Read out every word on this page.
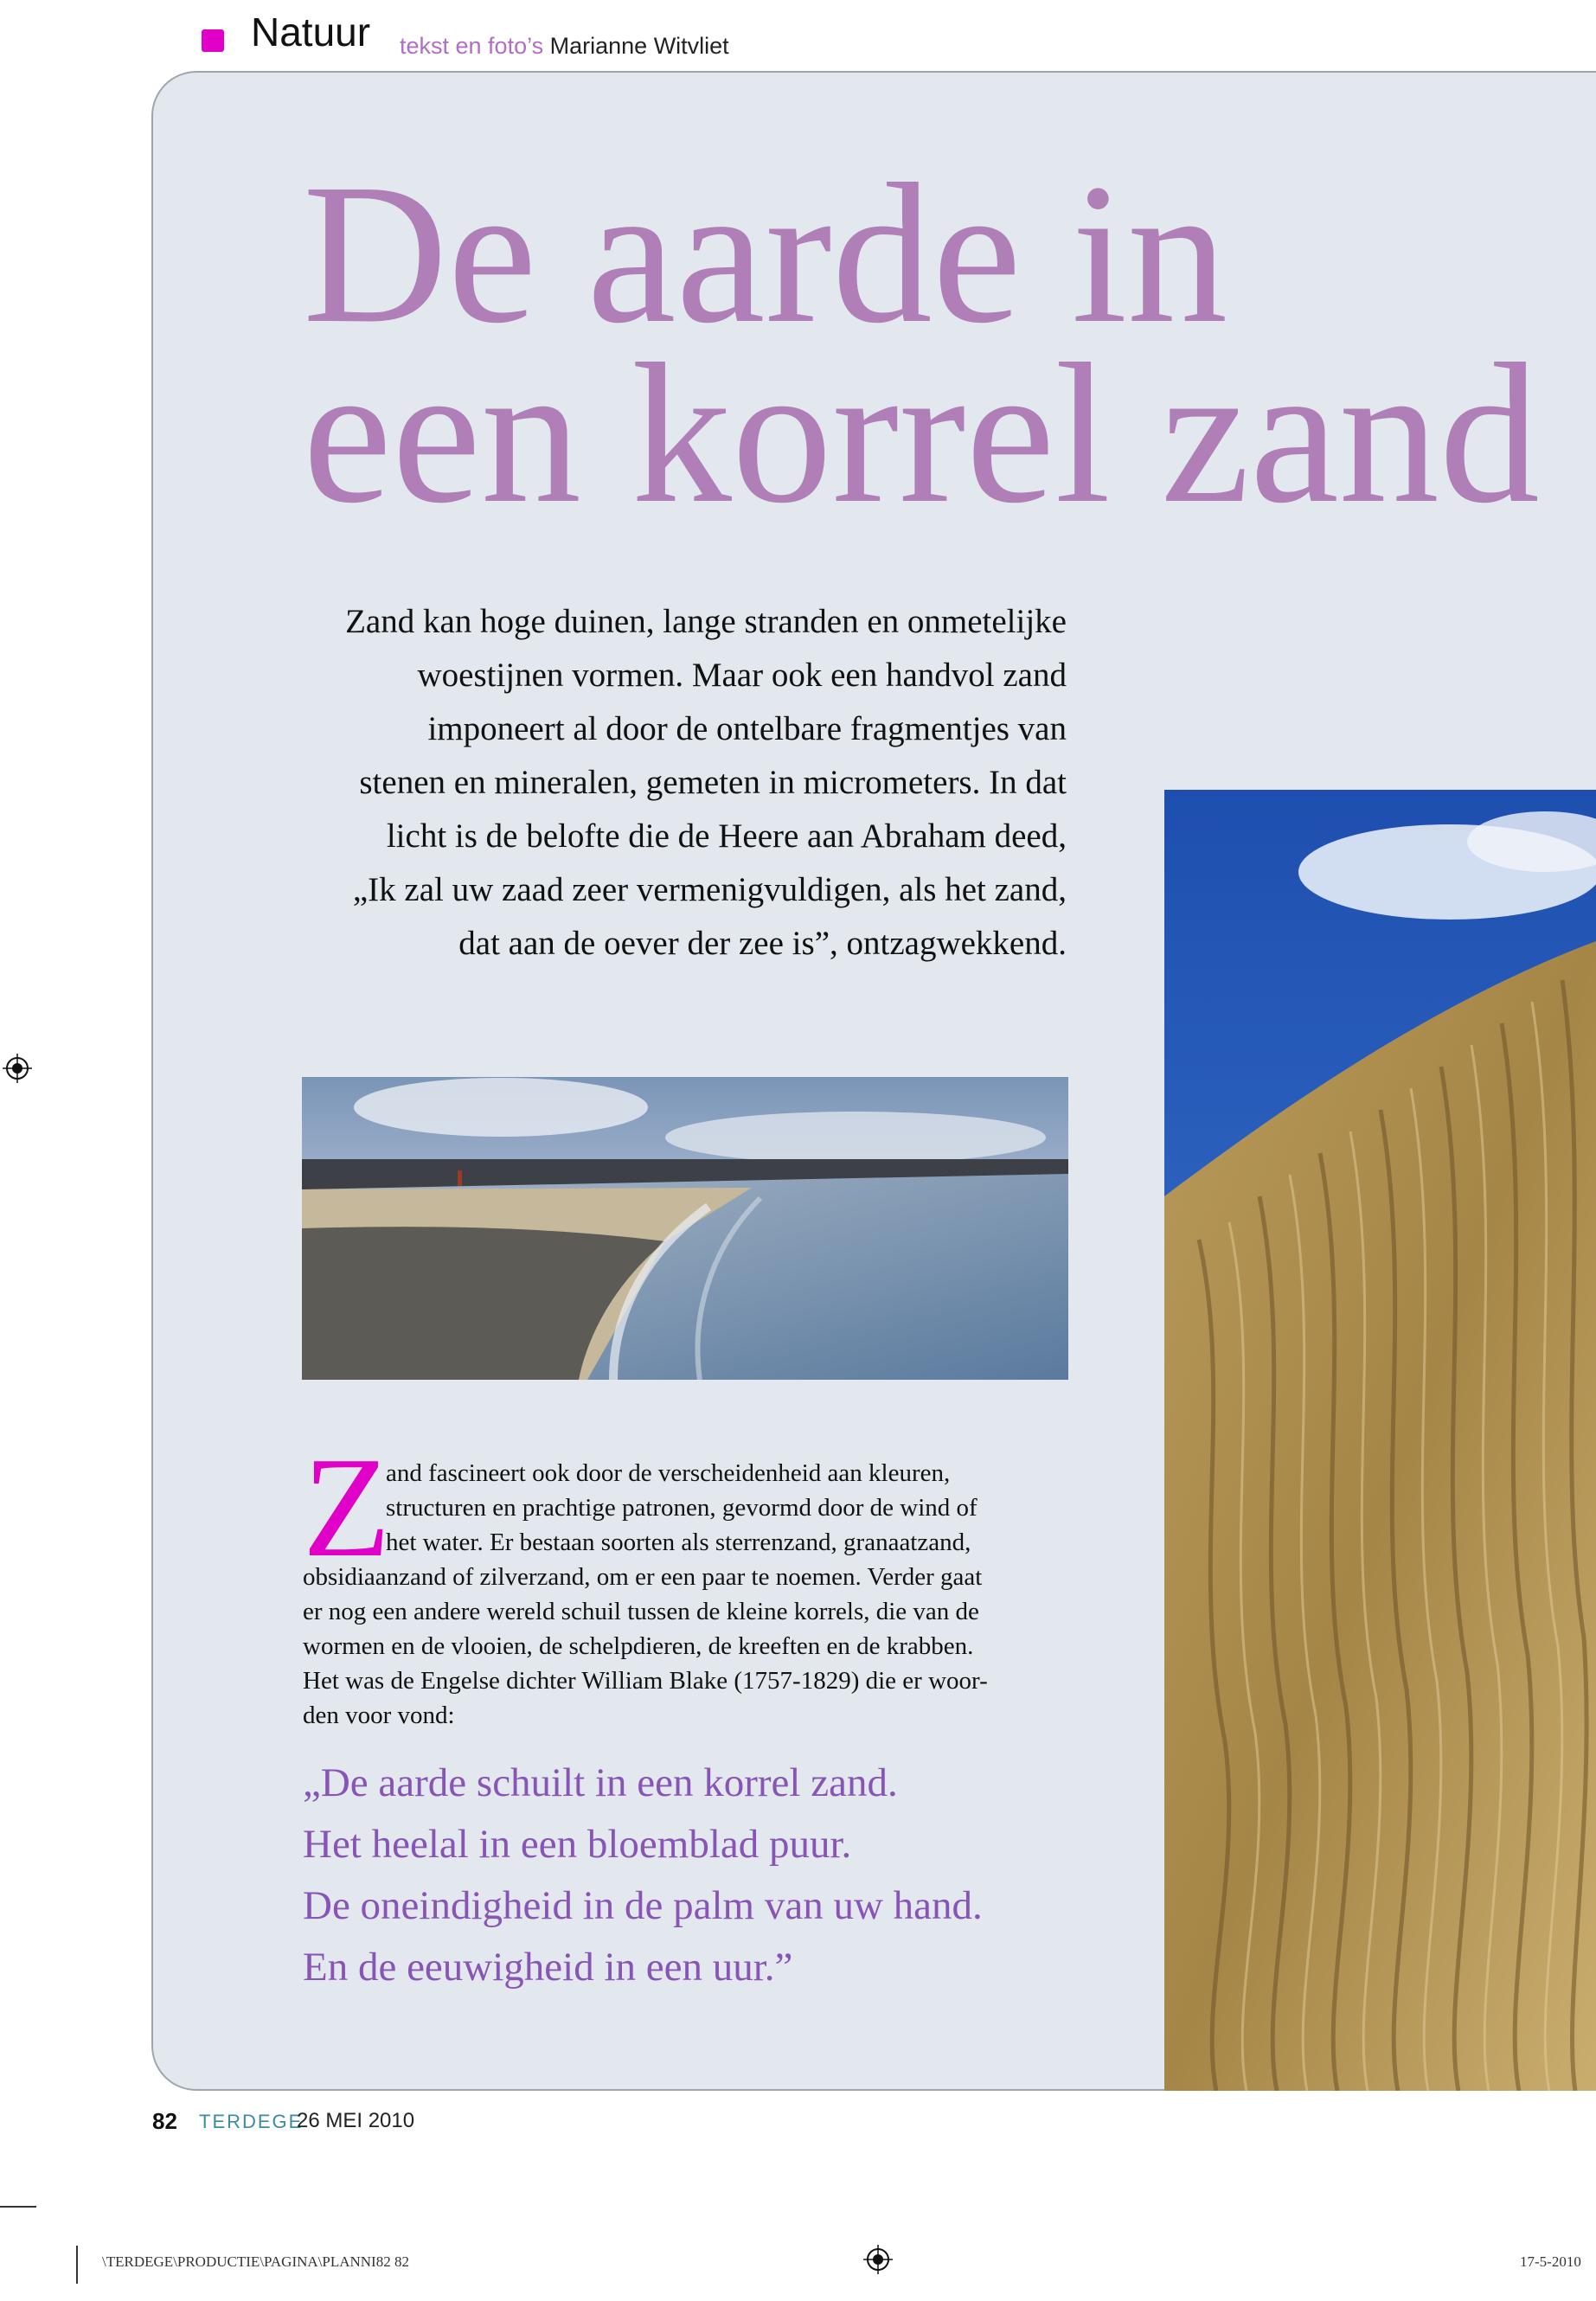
Natuur tekst en foto’s Marianne Witvliet
De aarde in
een korrel zand

Zand kan hoge duinen, lange stranden en onmetelijke
woestijnen vormen. Maar ook een handvol zand
imponeert al door de ontelbare fragmentjes van
stenen en mineralen, gemeten in micrometers. In dat
licht is de belofte die de Heere aan Abraham deed,
„Ik zal uw zaad zeer vermenigvuldigen, als het zand,
dat aan de oever der zee is”, ontzagwekkend.

Z
and fascineert ook door de verscheidenheid aan kleuren,
structuren en prachtige patronen, gevormd door de wind of
het water. Er bestaan soorten als sterrenzand, granaatzand,
obsidiaanzand of zilverzand, om er een paar te noemen. Verder gaat
er nog een andere wereld schuil tussen de kleine korrels, die van de
wormen en de vlooien, de schelpdieren, de kreeften en de krabben.
Het was de Engelse dichter William Blake (1757-1829) die er woor-
den voor vond:

„De aarde schuilt in een korrel zand.
Het heelal in een bloemblad puur.
De oneindigheid in de palm van uw hand.
En de eeuwigheid in een uur.”

82 TERDEGE
26 MEI 2010
\TERDEGE\PRODUCTIE\PAGINA\PLANNI82 82	17-5-2010
